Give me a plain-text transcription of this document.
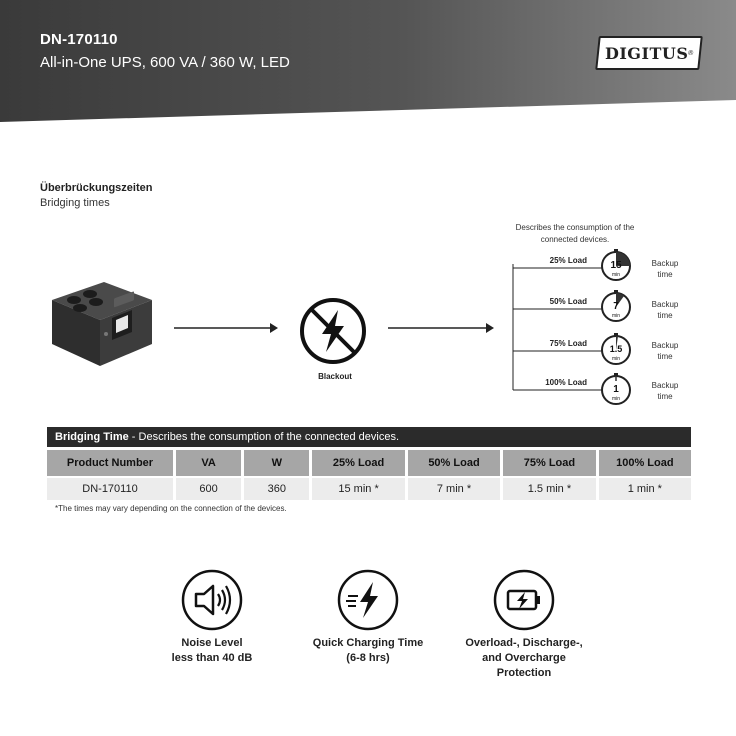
DN-170110
All-in-One UPS, 600 VA / 360 W, LED	DIGITUS ®
Überbrückungszeiten
Bridging times
Blackout
Describes the consumption of the connected devices.
25% Load
50% Load
75% Load
100% Load
15
min
7
min
1.5
min
1
min
Backup time
Backup time
Backup time
Backup time
Bridging Time - Describes the consumption of the connected devices.						
Product Number	VA	W	25% Load	50% Load	75% Load	100% Load
DN-170110	600	360	15 min *	7 min *	1.5 min *	1 min *
*The times may vary depending on the connection of the devices.
Noise Level
less than 40 dB
Quick Charging Time
(6-8 hrs)
Overload-, Discharge-,
and Overcharge
Protection
